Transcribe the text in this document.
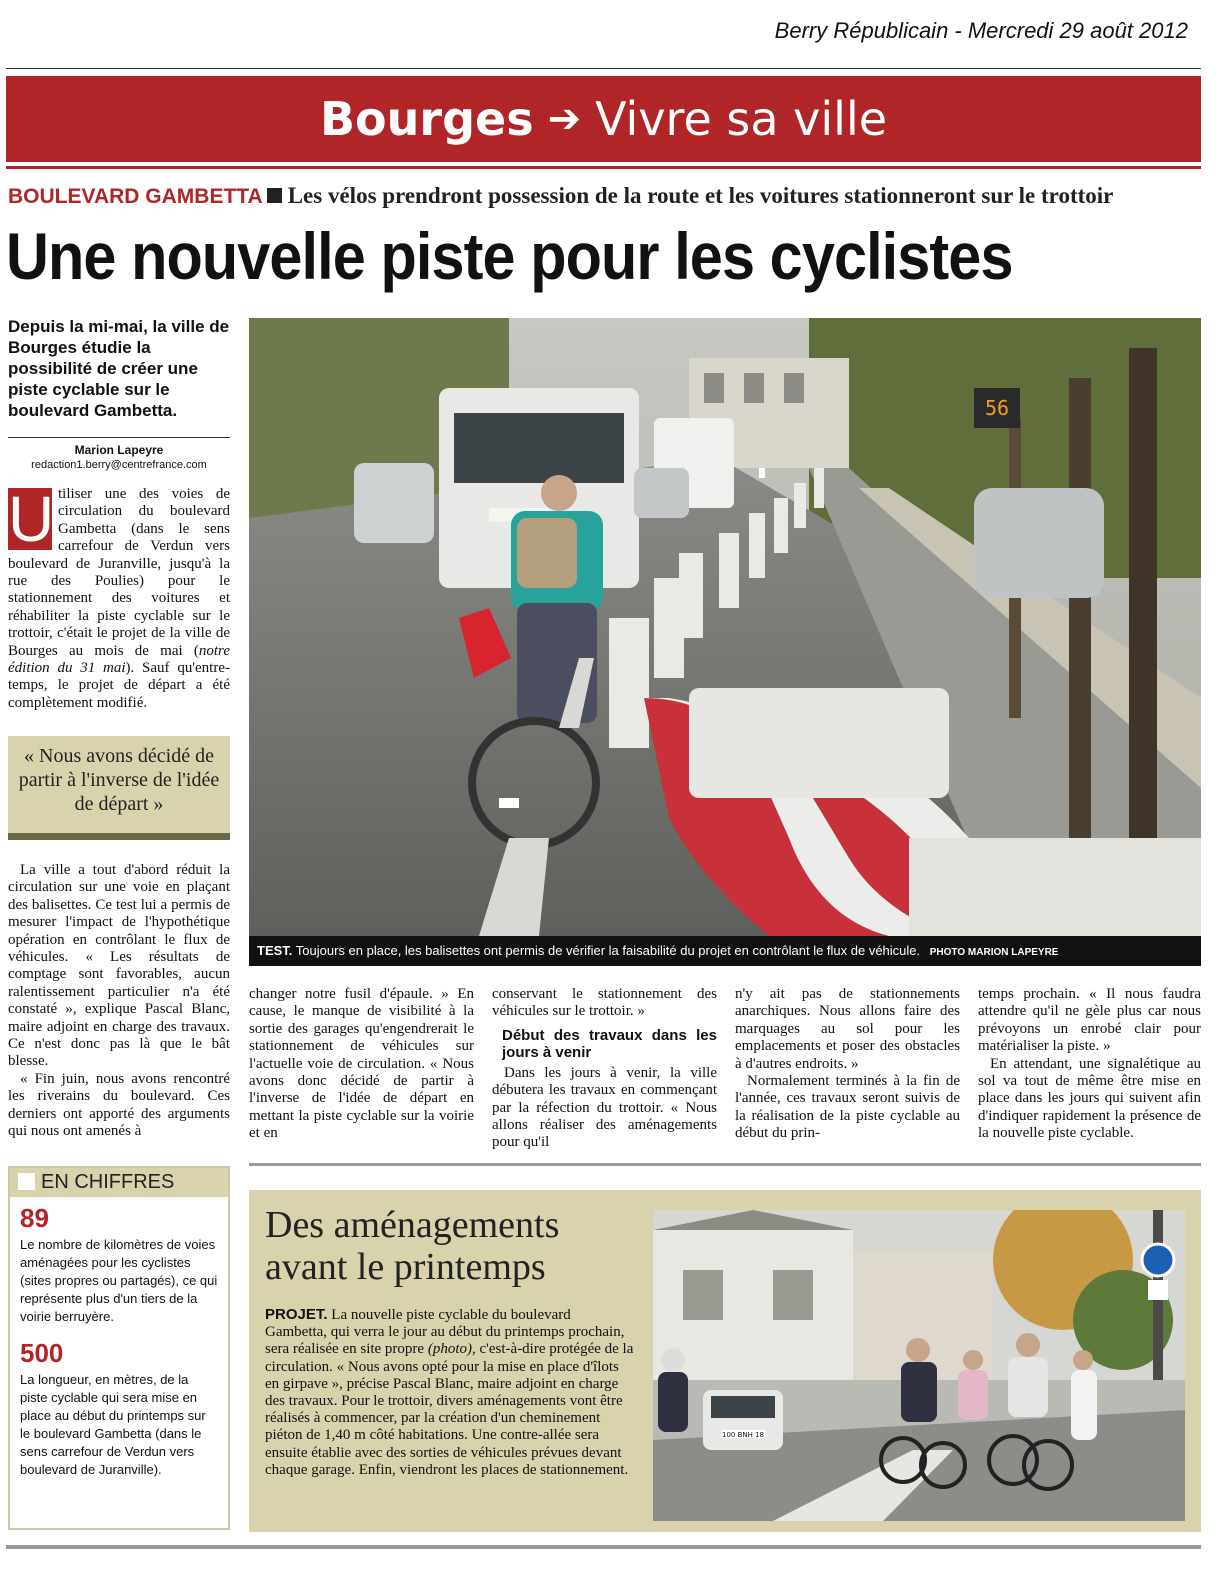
Berry Républicain - Mercredi 29 août 2012
Bourges ➔ Vivre sa ville
BOULEVARD GAMBETTA Les vélos prendront possession de la route et les voitures stationneront sur le trottoir
Une nouvelle piste pour les cyclistes
Depuis la mi-mai, la ville de Bourges étudie la possibilité de créer une piste cyclable sur le boulevard Gambetta.
Marion Lapeyre
redaction1.berry@centrefrance.com
U tiliser une des voies de circulation du boulevard Gambetta (dans le sens carrefour de Verdun vers boulevard de Juranville, jusqu'à la rue des Poulies) pour le stationnement des voitures et réhabiliter la piste cyclable sur le trottoir, c'était le projet de la ville de Bourges au mois de mai (notre édition du 31 mai). Sauf qu'entre-temps, le projet de départ a été complètement modifié.
« Nous avons décidé de partir à l'inverse de l'idée de départ »

La ville a tout d'abord réduit la circulation sur une voie en plaçant des balisettes. Ce test lui a permis de mesurer l'impact de l'hypothétique opération en contrôlant le flux de véhicules. « Les résultats de comptage sont favorables, aucun ralentissement particulier n'a été constaté », explique Pascal Blanc, maire adjoint en charge des travaux. Ce n'est donc pas là que le bât blesse.

« Fin juin, nous avons rencontré les riverains du boulevard. Ces derniers ont apporté des arguments qui nous ont amenés à

56
TEST. Toujours en place, les balisettes ont permis de vérifier la faisabilité du projet en contrôlant le flux de véhicule. PHOTO MARION LAPEYRE

changer notre fusil d'épaule. » En cause, le manque de visibilité à la sortie des garages qu'engendrerait le stationnement de véhicules sur l'actuelle voie de circulation. « Nous avons donc décidé de partir à l'inverse de l'idée de départ en mettant la piste cyclable sur la voirie et en

conservant le stationnement des véhicules sur le trottoir. »

Début des travaux dans les jours à venir

Dans les jours à venir, la ville débutera les travaux en commençant par la réfection du trottoir. « Nous allons réaliser des aménagements pour qu'il

n'y ait pas de stationnements anarchiques. Nous allons faire des marquages au sol pour les emplacements et poser des obstacles à d'autres endroits. »

Normalement terminés à la fin de l'année, ces travaux seront suivis de la réalisation de la piste cyclable au début du prin-

temps prochain. « Il nous faudra attendre qu'il ne gèle plus car nous prévoyons un enrobé clair pour matérialiser la piste. »

En attendant, une signalétique au sol va tout de même être mise en place dans les jours qui suivent afin d'indiquer rapidement la présence de la nouvelle piste cyclable.

EN CHIFFRES
89
Le nombre de kilomètres de voies aménagées pour les cyclistes (sites propres ou partagés), ce qui représente plus d'un tiers de la voirie berruyère.
500
La longueur, en mètres, de la piste cyclable qui sera mise en place au début du printemps sur le boulevard Gambetta (dans le sens carrefour de Verdun vers boulevard de Juranville).
Des aménagements avant le printemps
PROJET. La nouvelle piste cyclable du boulevard Gambetta, qui verra le jour au début du printemps prochain, sera réalisée en site propre (photo), c'est-à-dire protégée de la circulation. « Nous avons opté pour la mise en place d'îlots en girpave », précise Pascal Blanc, maire adjoint en charge des travaux. Pour le trottoir, divers aménagements vont être réalisés à commencer, par la création d'un cheminement piéton de 1,40 m côté habitations. Une contre-allée sera ensuite établie avec des sorties de véhicules prévues devant chaque garage. Enfin, viendront les places de stationnement.
100 BNH 18
